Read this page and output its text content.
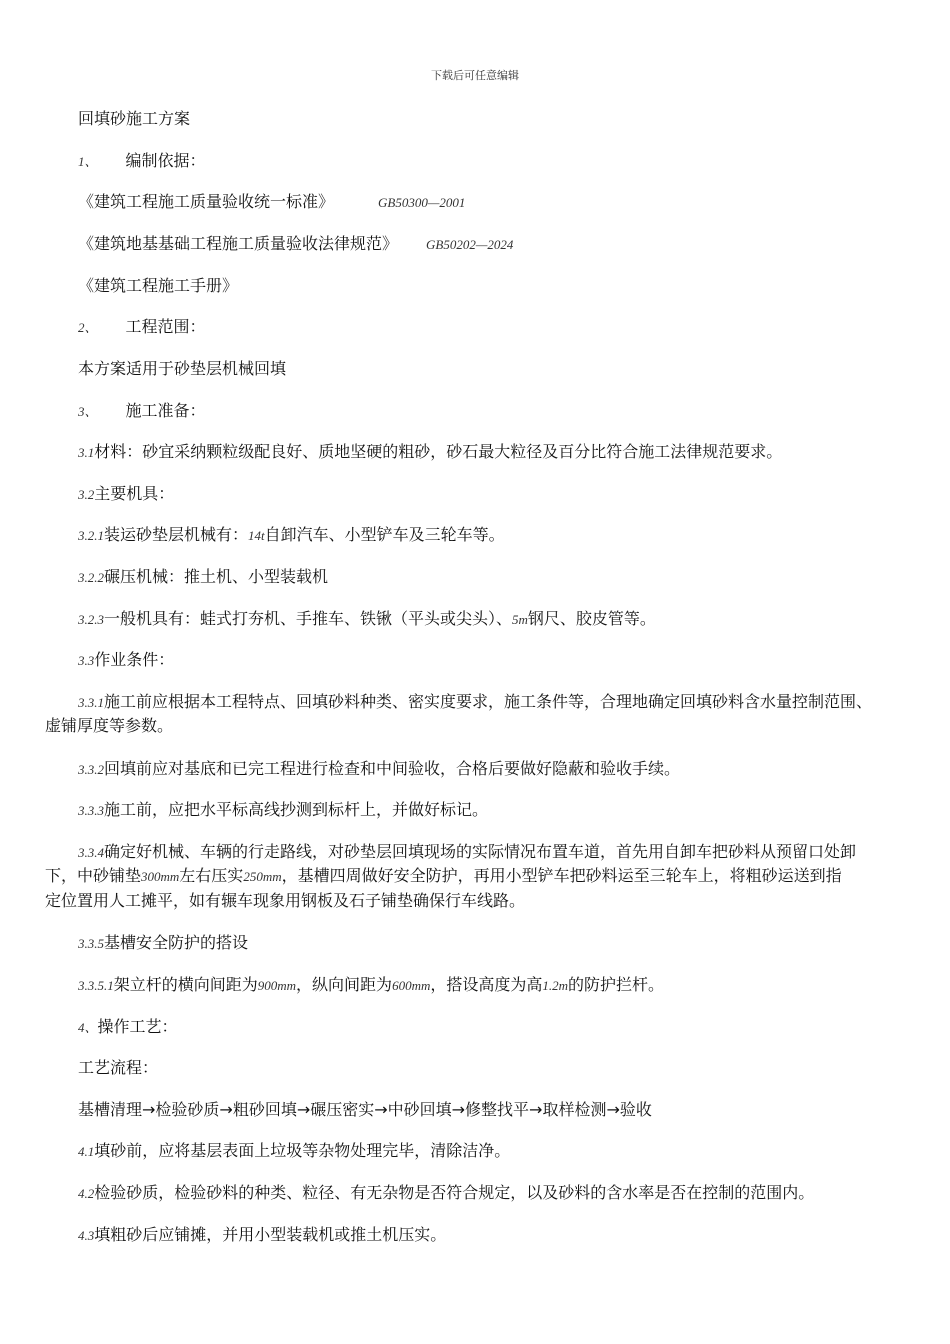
下载后可任意编辑
回填砂施工方案
1、 编制依据：
《建筑工程施工质量验收统一标准》	GB50300—2001
《建筑地基基础工程施工质量验收法律规范》 GB50202—2024
《建筑工程施工手册》
2、 工程范围：
本方案适用于砂垫层机械回填
3、 施工准备：
3.1材料：砂宜采纳颗粒级配良好、质地坚硬的粗砂，砂石最大粒径及百分比符合施工法律规范要求。
3.2主要机具：
3.2.1装运砂垫层机械有：14t自卸汽车、小型铲车及三轮车等。
3.2.2碾压机械：推土机、小型装载机
3.2.3一般机具有：蛙式打夯机、手推车、铁锹（平头或尖头）、5m钢尺、胶皮管等。
3.3作业条件：
3.3.1施工前应根据本工程特点、回填砂料种类、密实度要求，施工条件等，合理地确定回填砂料含水量控制范围、
虚铺厚度等参数。
3.3.2回填前应对基底和已完工程进行检查和中间验收，合格后要做好隐蔽和验收手续。
3.3.3施工前，应把水平标高线抄测到标杆上，并做好标记。
3.3.4确定好机械、车辆的行走路线，对砂垫层回填现场的实际情况布置车道，首先用自卸车把砂料从预留口处卸
下，中砂铺垫300mm左右压实250mm，基槽四周做好安全防护，再用小型铲车把砂料运至三轮车上，将粗砂运送到指
定位置用人工摊平，如有辗车现象用钢板及石子铺垫确保行车线路。
3.3.5基槽安全防护的搭设
3.3.5.1架立杆的横向间距为900mm，纵向间距为600mm，搭设高度为高1.2m的防护拦杆。
4、操作工艺：
工艺流程：
基槽清理→检验砂质→粗砂回填→碾压密实→中砂回填→修整找平→取样检测→验收
4.1填砂前，应将基层表面上垃圾等杂物处理完毕，清除洁净。
4.2检验砂质，检验砂料的种类、粒径、有无杂物是否符合规定，以及砂料的含水率是否在控制的范围内。
4.3填粗砂后应铺摊，并用小型装载机或推土机压实。
